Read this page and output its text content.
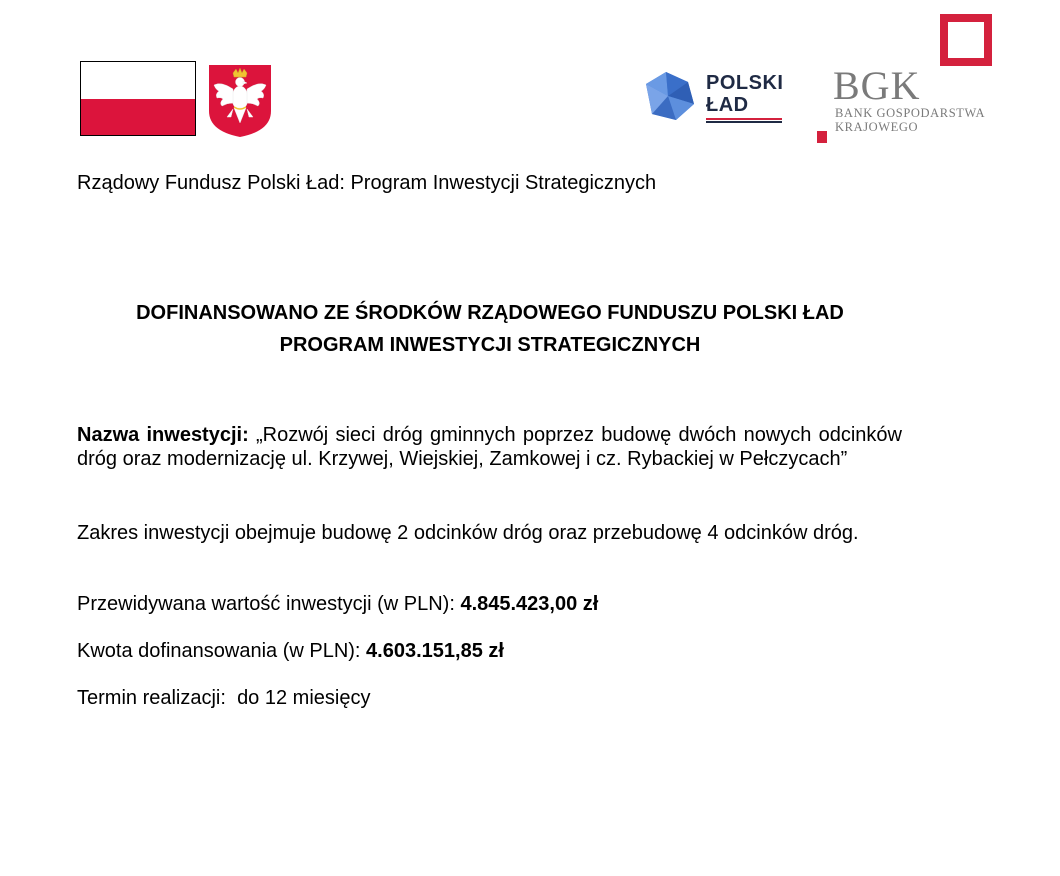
POLSKI
ŁAD BGK
BANK GOSPODARSTWA
KRAJOWEGO
Rządowy Fundusz Polski Ład: Program Inwestycji Strategicznych
DOFINANSOWANO ZE ŚRODKÓW RZĄDOWEGO FUNDUSZU POLSKI ŁAD
PROGRAM INWESTYCJI STRATEGICZNYCH
Nazwa inwestycji: „Rozwój sieci dróg gminnych poprzez budowę dwóch nowych odcinków dróg oraz modernizację ul. Krzywej, Wiejskiej, Zamkowej i cz. Rybackiej w Pełczycach”
Zakres inwestycji obejmuje budowę 2 odcinków dróg oraz przebudowę 4 odcinków dróg.
Przewidywana wartość inwestycji (w PLN): 4.845.423,00 zł
Kwota dofinansowania (w PLN): 4.603.151,85 zł
Termin realizacji: do 12 miesięcy
